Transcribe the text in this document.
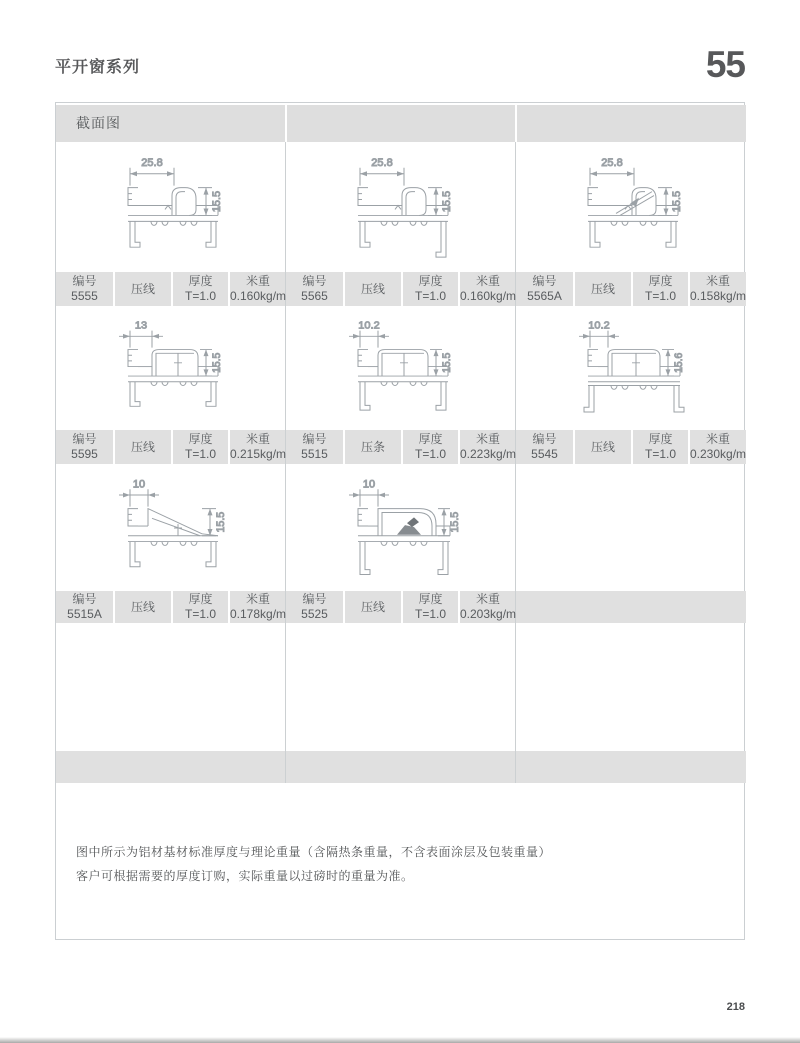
平开窗系列	55
截面图
25.8
15.5
编号
5555
压线
厚度
T=1.0
米重
0.160kg/m
25.8
15.5
编号
5565
压线
厚度
T=1.0
米重
0.160kg/m
25.8
15.5
编号
5565A
压线
厚度
T=1.0
米重
0.158kg/m
13
15.5
编号
5595
压线
厚度
T=1.0
米重
0.215kg/m
10.2
15.5
编号
5515
压条
厚度
T=1.0
米重
0.223kg/m
10.2
15.6
编号
5545
压线
厚度
T=1.0
米重
0.230kg/m
10
15.5
编号
5515A
压线
厚度
T=1.0
米重
0.178kg/m
10
15.5
编号
5525
压线
厚度
T=1.0
米重
0.203kg/m
图中所示为铝材基材标准厚度与理论重量（含隔热条重量，不含表面涂层及包装重量）
客户可根据需要的厚度订购，实际重量以过磅时的重量为准。
218
